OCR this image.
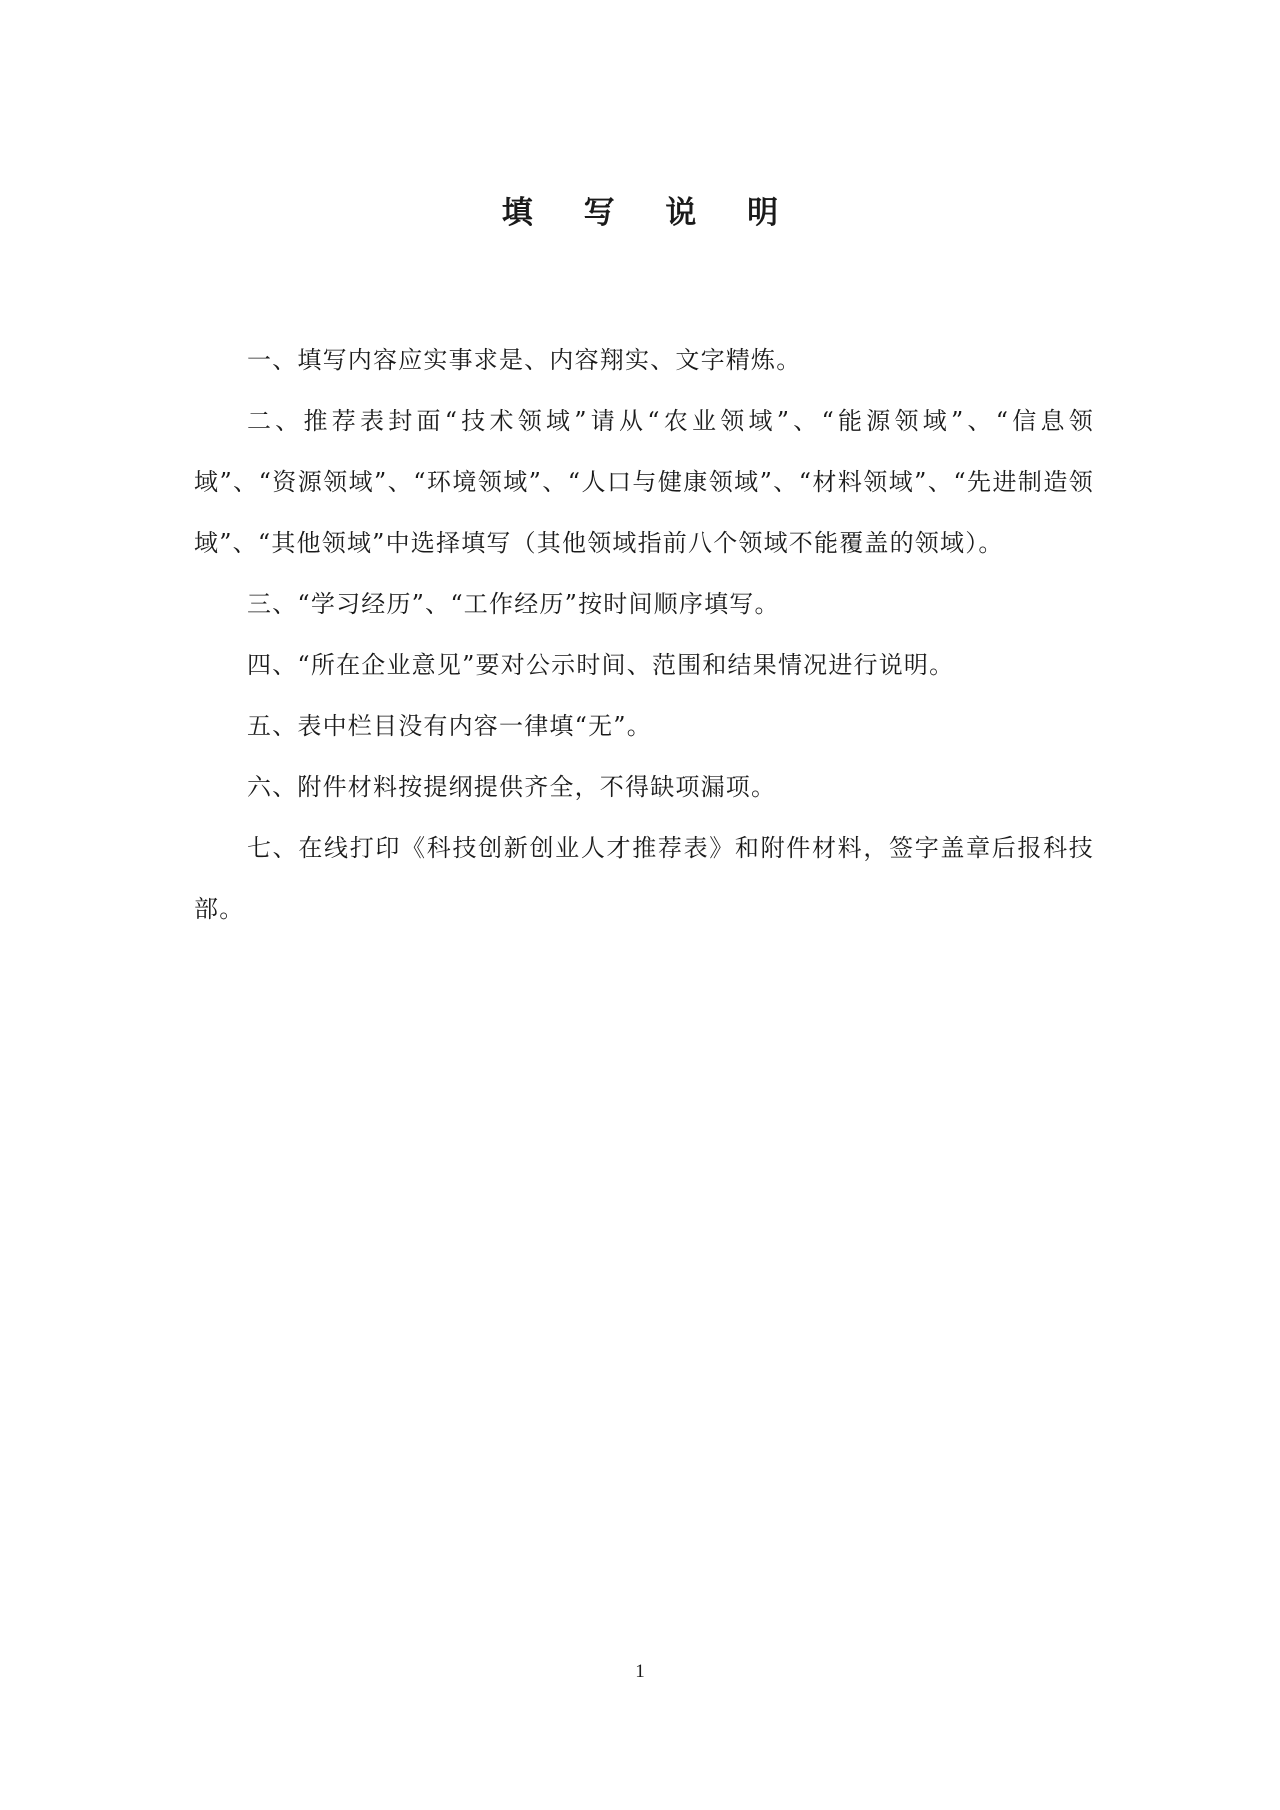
填 写 说 明

一、填写内容应实事求是、内容翔实、文字精炼。

二、推荐表封面“技术领域”请从“农业领域”、“能源领域”、“信息领域”、“资源领域”、“环境领域”、“人口与健康领域”、“材料领域”、“先进制造领域”、“其他领域”中选择填写（其他领域指前八个领域不能覆盖的领域）。

三、“学习经历”、“工作经历”按时间顺序填写。

四、“所在企业意见”要对公示时间、范围和结果情况进行说明。

五、表中栏目没有内容一律填“无”。

六、附件材料按提纲提供齐全，不得缺项漏项。

七、在线打印《科技创新创业人才推荐表》和附件材料，签字盖章后报科技部。

1
